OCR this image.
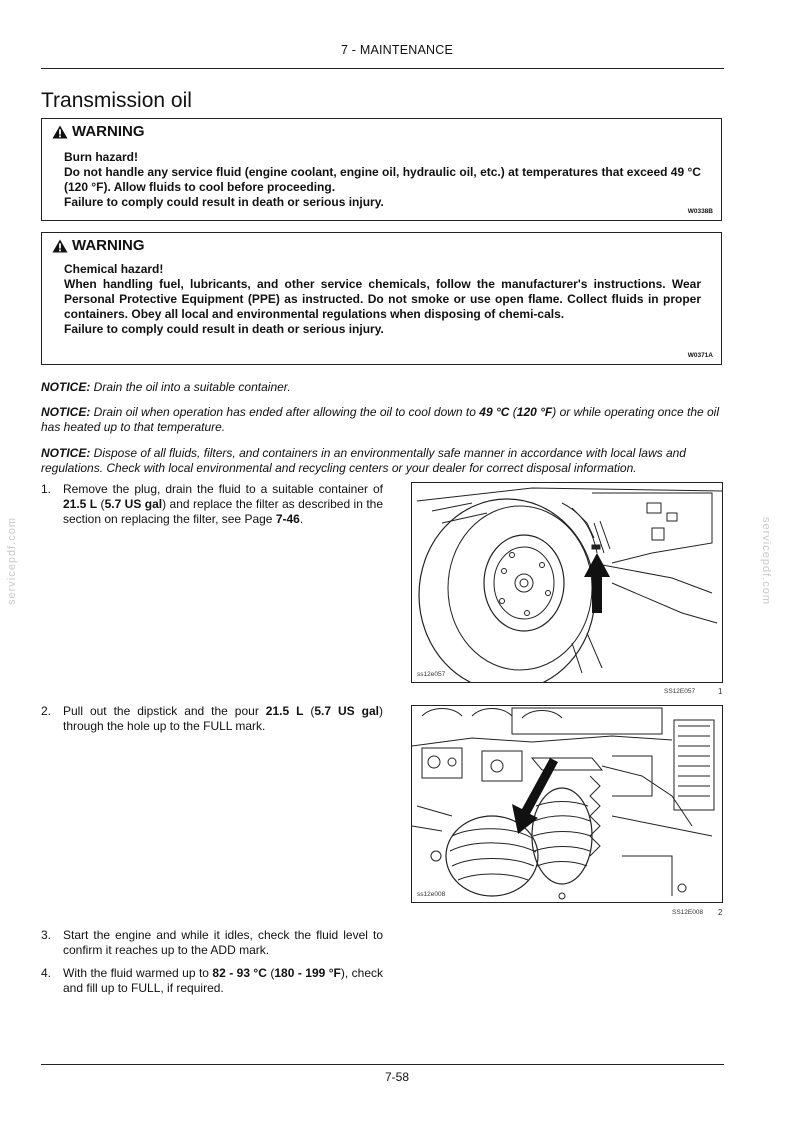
7 - MAINTENANCE
Transmission oil
WARNING

Burn hazard!

Do not handle any service fluid (engine coolant, engine oil, hydraulic oil, etc.) at temperatures that exceed 49 °C (120 °F). Allow fluids to cool before proceeding.

Failure to comply could result in death or serious injury.

W0338B
WARNING

Chemical hazard!

When handling fuel, lubricants, and other service chemicals, follow the manufacturer's instructions. Wear Personal Protective Equipment (PPE) as instructed. Do not smoke or use open flame. Collect fluids in proper containers. Obey all local and environmental regulations when disposing of chemi-cals.

Failure to comply could result in death or serious injury.

W0371A
NOTICE: Drain the oil into a suitable container.
NOTICE: Drain oil when operation has ended after allowing the oil to cool down to 49 °C (120 °F) or while operating once the oil has heated up to that temperature.
NOTICE: Dispose of all fluids, filters, and containers in an environmentally safe manner in accordance with local laws and regulations. Check with local environmental and recycling centers or your dealer for correct disposal information.
1. Remove the plug, drain the fluid to a suitable container of 21.5 L (5.7 US gal) and replace the filter as described in the section on replacing the filter, see Page 7-46.
2. Pull out the dipstick and the pour 21.5 L (5.7 US gal) through the hole up to the FULL mark.
3. Start the engine and while it idles, check the fluid level to confirm it reaches up to the ADD mark.
4. With the fluid warmed up to 82 - 93 °C (180 - 199 °F), check and fill up to FULL, if required.
ss12e057
SS12E057	1
ss12e008
SS12E008 2
servicepdf.com	servicepdf.com
7-58
